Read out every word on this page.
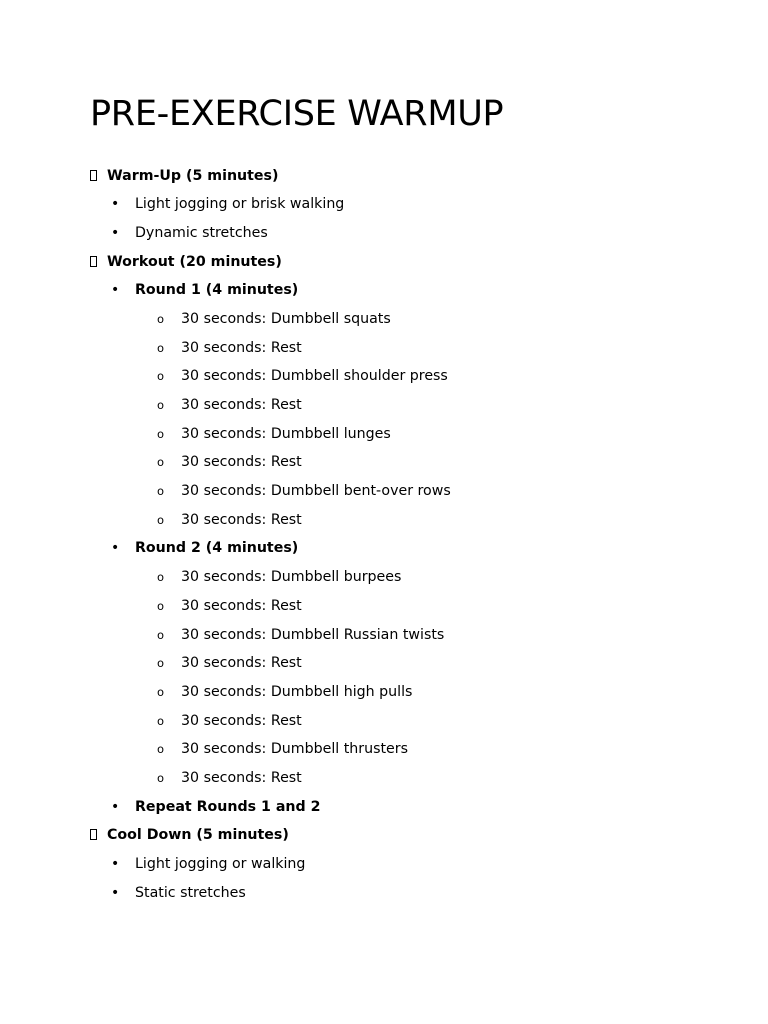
PRE-EXERCISE WARMUP
Warm-Up (5 minutes)
• Light jogging or brisk walking
• Dynamic stretches
Workout (20 minutes)
• Round 1 (4 minutes)
o 30 seconds: Dumbbell squats
o 30 seconds: Rest
o 30 seconds: Dumbbell shoulder press
o 30 seconds: Rest
o 30 seconds: Dumbbell lunges
o 30 seconds: Rest
o 30 seconds: Dumbbell bent-over rows
o 30 seconds: Rest
• Round 2 (4 minutes)
o 30 seconds: Dumbbell burpees
o 30 seconds: Rest
o 30 seconds: Dumbbell Russian twists
o 30 seconds: Rest
o 30 seconds: Dumbbell high pulls
o 30 seconds: Rest
o 30 seconds: Dumbbell thrusters
o 30 seconds: Rest
• Repeat Rounds 1 and 2
Cool Down (5 minutes)
• Light jogging or walking
• Static stretches
